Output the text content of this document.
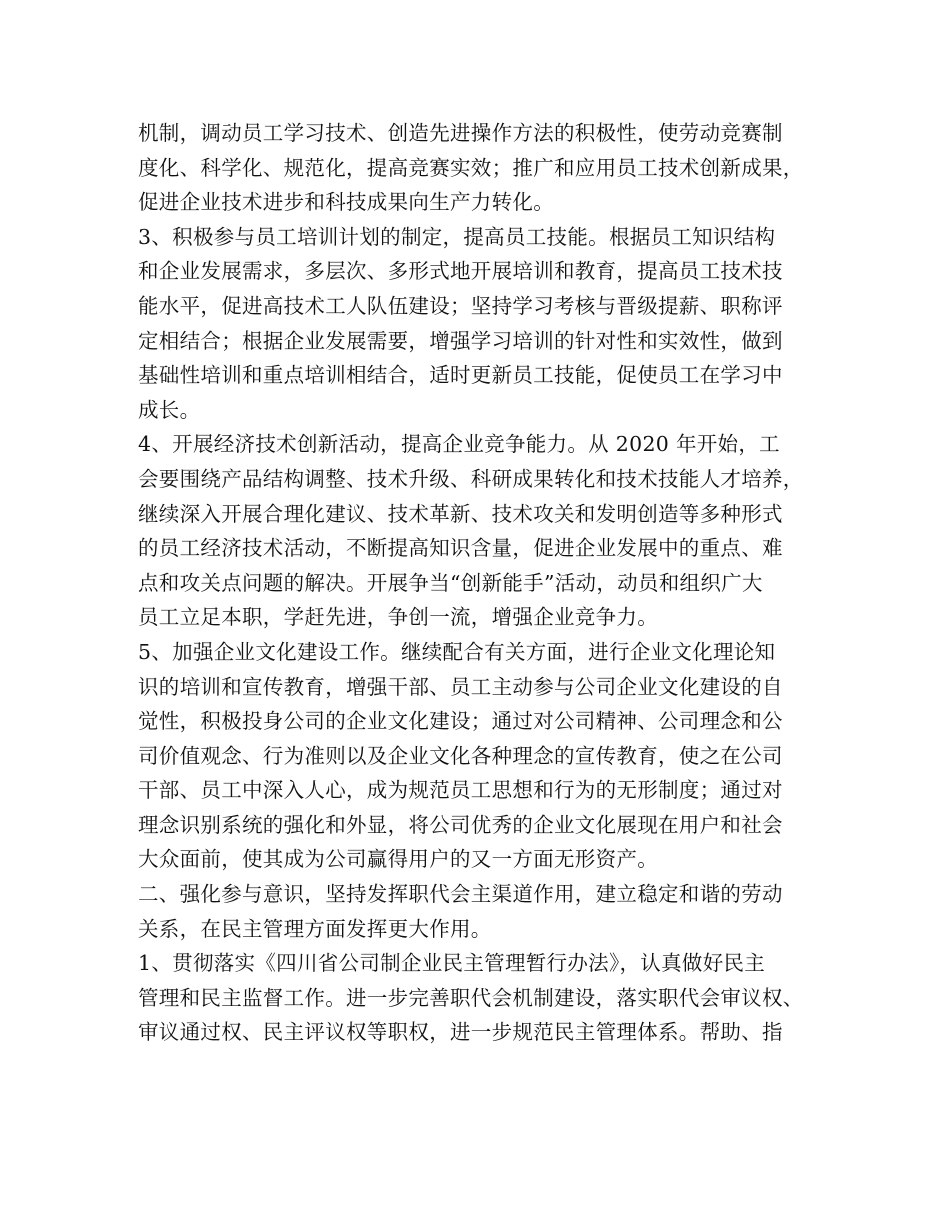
机制，调动员工学习技术、创造先进操作方法的积极性，使劳动竞赛制
度化、科学化、规范化，提高竞赛实效；推广和应用员工技术创新成果，
促进企业技术进步和科技成果向生产力转化。
3、积极参与员工培训计划的制定，提高员工技能。根据员工知识结构
和企业发展需求，多层次、多形式地开展培训和教育，提高员工技术技
能水平，促进高技术工人队伍建设；坚持学习考核与晋级提薪、职称评
定相结合；根据企业发展需要，增强学习培训的针对性和实效性，做到
基础性培训和重点培训相结合，适时更新员工技能，促使员工在学习中
成长。
4、开展经济技术创新活动，提高企业竞争能力。从 2020 年开始，工
会要围绕产品结构调整、技术升级、科研成果转化和技术技能人才培养，
继续深入开展合理化建议、技术革新、技术攻关和发明创造等多种形式
的员工经济技术活动，不断提高知识含量，促进企业发展中的重点、难
点和攻关点问题的解决。开展争当“创新能手”活动，动员和组织广大
员工立足本职，学赶先进，争创一流，增强企业竞争力。
5、加强企业文化建设工作。继续配合有关方面，进行企业文化理论知
识的培训和宣传教育，增强干部、员工主动参与公司企业文化建设的自
觉性，积极投身公司的企业文化建设；通过对公司精神、公司理念和公
司价值观念、行为准则以及企业文化各种理念的宣传教育，使之在公司
干部、员工中深入人心，成为规范员工思想和行为的无形制度；通过对
理念识别系统的强化和外显，将公司优秀的企业文化展现在用户和社会
大众面前，使其成为公司赢得用户的又一方面无形资产。
二、强化参与意识，坚持发挥职代会主渠道作用，建立稳定和谐的劳动
关系，在民主管理方面发挥更大作用。
1、贯彻落实《四川省公司制企业民主管理暂行办法》，认真做好民主
管理和民主监督工作。进一步完善职代会机制建设，落实职代会审议权、
审议通过权、民主评议权等职权，进一步规范民主管理体系。帮助、指
